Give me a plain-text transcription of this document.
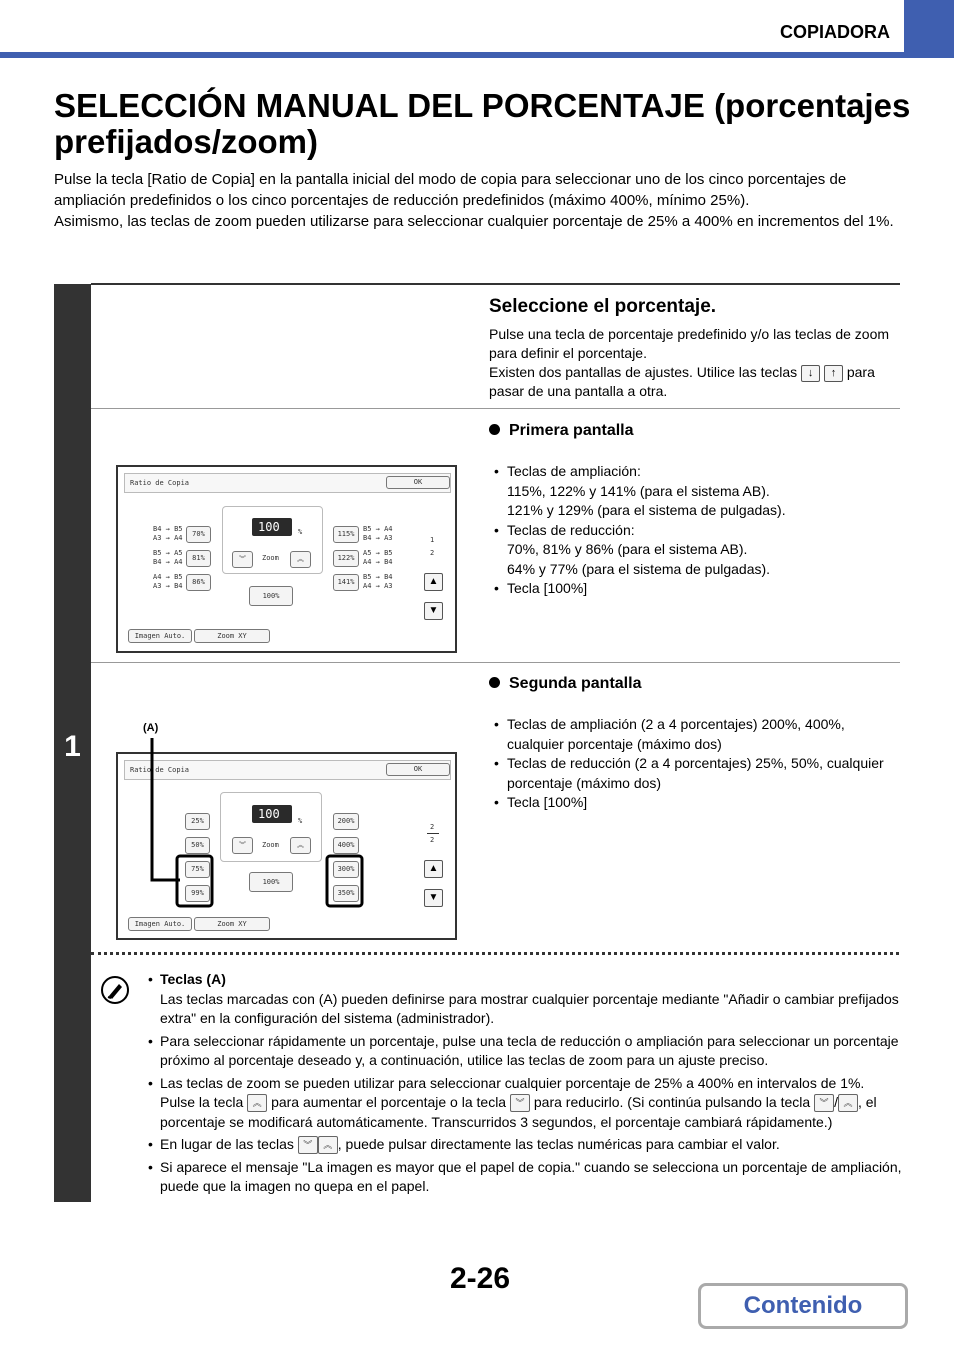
COPIADORA
SELECCIÓN MANUAL DEL PORCENTAJE (porcentajes prefijados/zoom)

Pulse la tecla [Ratio de Copia] en la pantalla inicial del modo de copia para seleccionar uno de los cinco porcentajes de ampliación predefinidos o los cinco porcentajes de reducción predefinidos (máximo 400%, mínimo 25%).

Asimismo, las teclas de zoom pueden utilizarse para seleccionar cualquier porcentaje de 25% a 400% en incrementos del 1%.

1
Seleccione el porcentaje.
Pulse una tecla de porcentaje predefinido y/o las teclas de zoom para definir el porcentaje.
Existen dos pantallas de ajustes. Utilice las teclas ↓ ↑ para pasar de una pantalla a otra.
Primera pantalla
• Teclas de ampliación:
115%, 122% y 141% (para el sistema AB).
121% y 129% (para el sistema de pulgadas).
• Teclas de reducción:
70%, 81% y 86% (para el sistema AB).
64% y 77% (para el sistema de pulgadas).
• Tecla [100%]
Ratio de Copia	OK
100	%
︾	Zoom	︽
100%
70%
81%
86%
B4 → B5
A3 → A4
B5 → A5
B4 → A4
A4 → B5
A3 → B4
115%
122%
141%
B5 → A4
B4 → A3
A5 → B5
A4 → B4
B5 → B4
A4 → A3
1
2
▲
▼
Imagen Auto.	Zoom XY
Segunda pantalla
• Teclas de ampliación (2 a 4 porcentajes) 200%, 400%, cualquier porcentaje (máximo dos)
• Teclas de reducción (2 a 4 porcentajes) 25%, 50%, cualquier porcentaje (máximo dos)
• Tecla [100%]
(A)
Ratio de Copia	OK
100	%
︾	Zoom	︽
100%
25%
50%
75%
99%
200%
400%
300%
350%
2
2
▲
▼
Imagen Auto.	Zoom XY
• Teclas (A)
Las teclas marcadas con (A) pueden definirse para mostrar cualquier porcentaje mediante "Añadir o cambiar prefijados extra" en la configuración del sistema (administrador).
• Para seleccionar rápidamente un porcentaje, pulse una tecla de reducción o ampliación para seleccionar un porcentaje próximo al porcentaje deseado y, a continuación, utilice las teclas de zoom para un ajuste preciso.
• Las teclas de zoom se pueden utilizar para seleccionar cualquier porcentaje de 25% a 400% en intervalos de 1%. Pulse la tecla ︽ para aumentar el porcentaje o la tecla ︾ para reducirlo. (Si continúa pulsando la tecla ︾ / ︽ , el porcentaje se modificará automáticamente. Transcurridos 3 segundos, el porcentaje cambiará rápidamente.)
• En lugar de las teclas ︾ ︽ , puede pulsar directamente las teclas numéricas para cambiar el valor.
• Si aparece el mensaje "La imagen es mayor que el papel de copia." cuando se selecciona un porcentaje de ampliación, puede que la imagen no quepa en el papel.
2-26
Contenido
